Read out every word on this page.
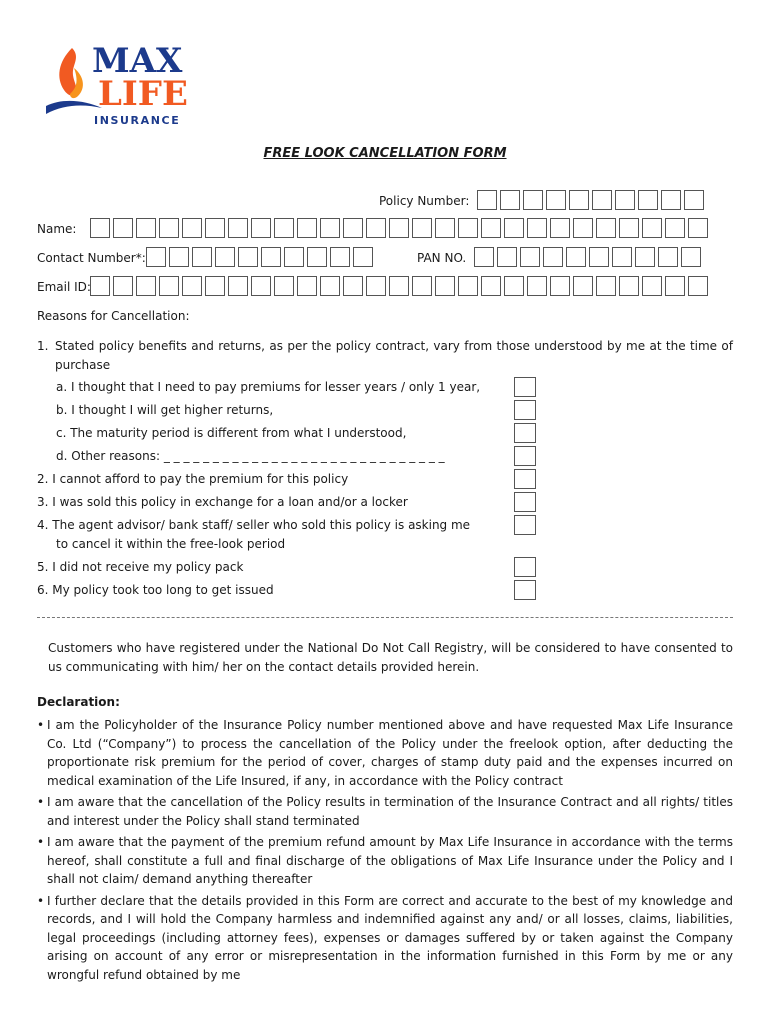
MAX
LIFE
INSURANCE
FREE LOOK CANCELLATION FORM
Policy Number:
Name:
Contact Number*:	PAN NO.
Email ID:
Reasons for Cancellation:
1. Stated policy benefits and returns, as per the policy contract, vary from those understood by me at the time of purchase
a. I thought that I need to pay premiums for lesser years / only 1 year,
b. I thought I will get higher returns,
c. The maturity period is different from what I understood,
d. Other reasons: _ _ _ _ _ _ _ _ _ _ _ _ _ _ _ _ _ _ _ _ _ _ _ _ _ _ _ _ _
2. I cannot afford to pay the premium for this policy
3. I was sold this policy in exchange for a loan and/or a locker
4. The agent advisor/ bank staff/ seller who sold this policy is asking me
to cancel it within the free-look period
5. I did not receive my policy pack
6. My policy took too long to get issued
Customers who have registered under the National Do Not Call Registry, will be considered to have consented to us communicating with him/ her on the contact details provided herein.
Declaration:
• I am the Policyholder of the Insurance Policy number mentioned above and have requested Max Life Insurance Co. Ltd (“Company”) to process the cancellation of the Policy under the freelook option, after deducting the proportionate risk premium for the period of cover, charges of stamp duty paid and the expenses incurred on medical examination of the Life Insured, if any, in accordance with the Policy contract
• I am aware that the cancellation of the Policy results in termination of the Insurance Contract and all rights/ titles and interest under the Policy shall stand terminated
• I am aware that the payment of the premium refund amount by Max Life Insurance in accordance with the terms hereof, shall constitute a full and final discharge of the obligations of Max Life Insurance under the Policy and I shall not claim/ demand anything thereafter
• I further declare that the details provided in this Form are correct and accurate to the best of my knowledge and records, and I will hold the Company harmless and indemnified against any and/ or all losses, claims, liabilities, legal proceedings (including attorney fees), expenses or damages suffered by or taken against the Company arising on account of any error or misrepresentation in the information furnished in this Form by me or any wrongful refund obtained by me
